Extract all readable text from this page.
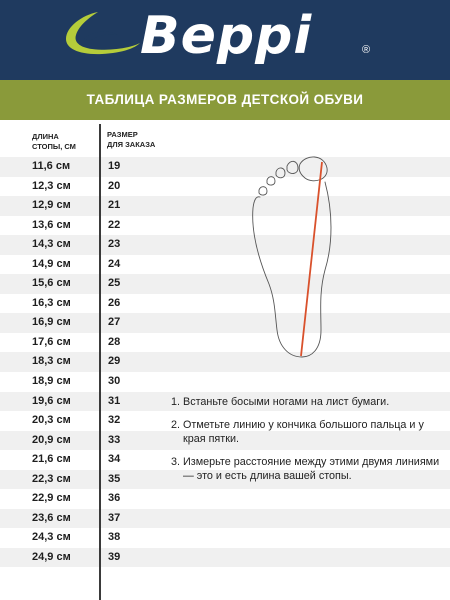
Beppi	®
ТАБЛИЦА РАЗМЕРОВ ДЕТСКОЙ ОБУВИ
ДЛИНА
СТОПЫ, СМ
РАЗМЕР
ДЛЯ ЗАКАЗА
11,6 см	19
12,3 см	20
12,9 см	21
13,6 см	22
14,3 см	23
14,9 см	24
15,6 см	25
16,3 см	26
16,9 см	27
17,6 см	28
18,3 см	29
18,9 см	30
19,6 см	31
20,3 см	32
20,9 см	33
21,6 см	34
22,3 см	35
22,9 см	36
23,6 см	37
24,3 см	38
24,9 см	39
1. Встаньте босыми ногами на лист бумаги.
2. Отметьте линию у кончика большого пальца и у края пятки.
3. Измерьте расстояние между этими двумя линиями — это и есть длина вашей стопы.
